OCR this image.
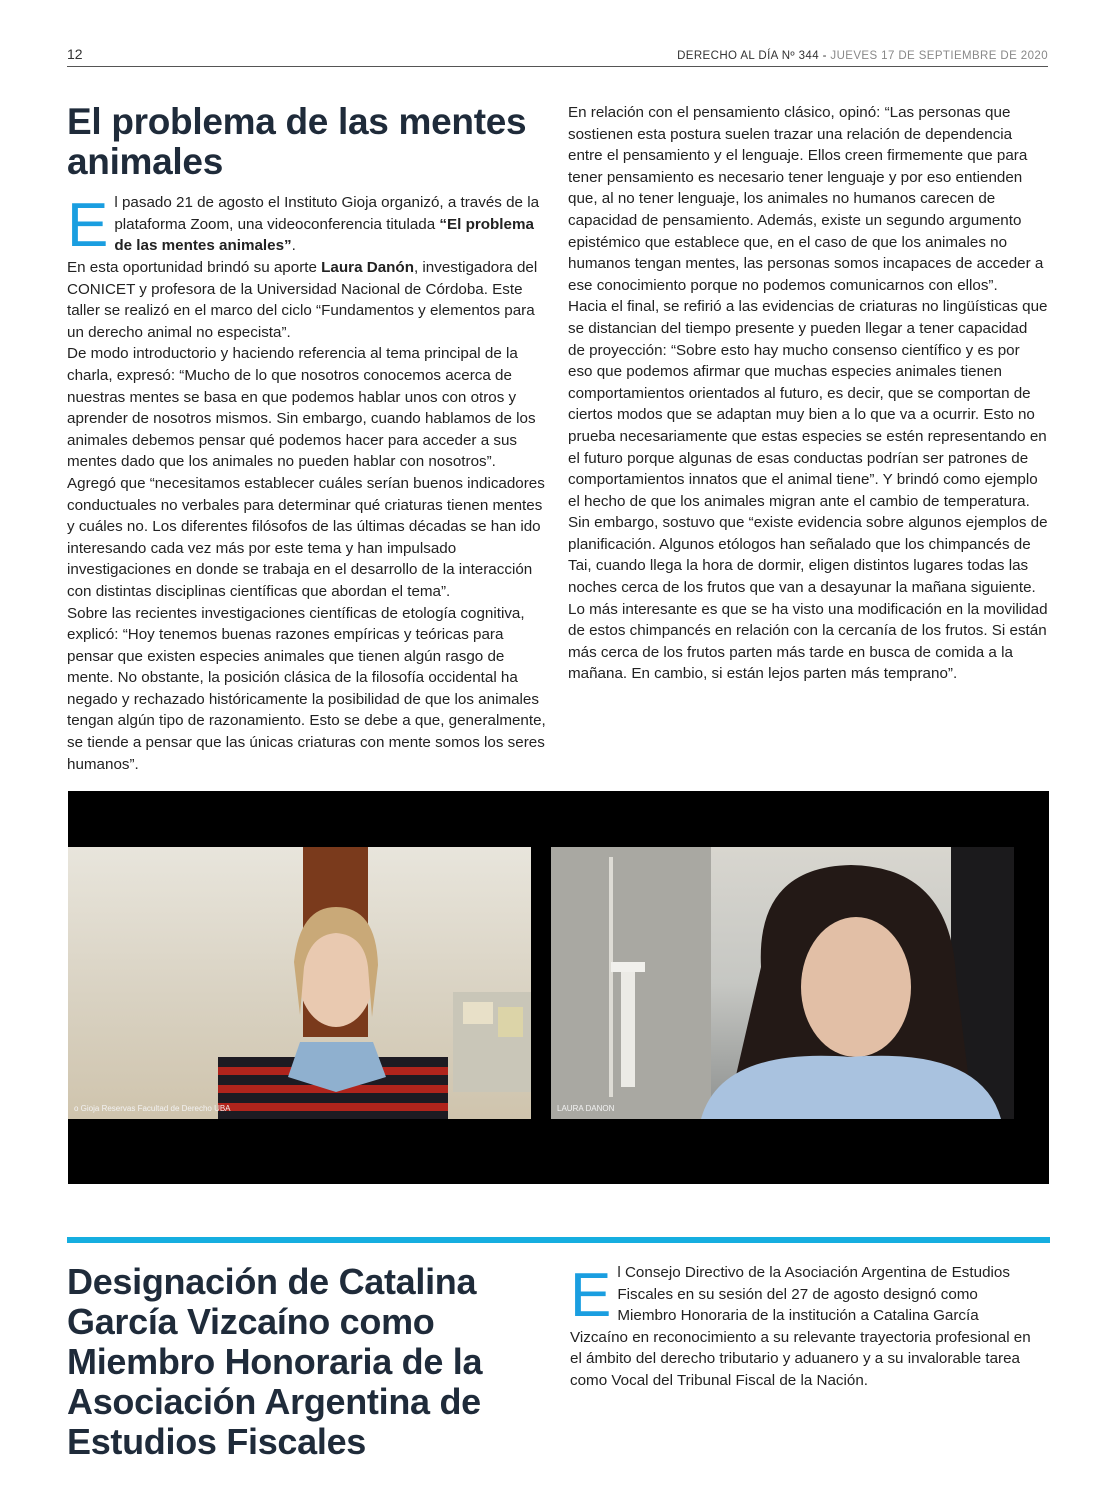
12	DERECHO AL DÍA Nº 344 - JUEVES 17 DE SEPTIEMBRE DE 2020
El problema de las mentes animales

El pasado 21 de agosto el Instituto Gioja organizó, a través de la plataforma Zoom, una videoconferencia titulada “El problema de las mentes animales”.

En esta oportunidad brindó su aporte Laura Danón, investigadora del CONICET y profesora de la Universidad Nacional de Córdoba. Este taller se realizó en el marco del ciclo “Fundamentos y elementos para un derecho animal no especista”.

De modo introductorio y haciendo referencia al tema principal de la charla, expresó: “Mucho de lo que nosotros conocemos acerca de nuestras mentes se basa en que podemos hablar unos con otros y aprender de nosotros mismos. Sin embargo, cuando hablamos de los animales debemos pensar qué podemos hacer para acceder a sus mentes dado que los animales no pueden hablar con nosotros”. Agregó que “necesitamos establecer cuáles serían buenos indicadores conductuales no verbales para determinar qué criaturas tienen mentes y cuáles no. Los diferentes filósofos de las últimas décadas se han ido interesando cada vez más por este tema y han impulsado investigaciones en donde se trabaja en el desarrollo de la interacción con distintas disciplinas científicas que abordan el tema”.

Sobre las recientes investigaciones científicas de etología cognitiva, explicó: “Hoy tenemos buenas razones empíricas y teóricas para pensar que existen especies animales que tienen algún rasgo de mente. No obstante, la posición clásica de la filosofía occidental ha negado y rechazado históricamente la posibilidad de que los animales tengan algún tipo de razonamiento. Esto se debe a que, generalmente, se tiende a pensar que las únicas criaturas con mente somos los seres humanos”.

En relación con el pensamiento clásico, opinó: “Las personas que sostienen esta postura suelen trazar una relación de dependencia entre el pensamiento y el lenguaje. Ellos creen firmemente que para tener pensamiento es necesario tener lenguaje y por eso entienden que, al no tener lenguaje, los animales no humanos carecen de capacidad de pensamiento. Además, existe un segundo argumento epistémico que establece que, en el caso de que los animales no humanos tengan mentes, las personas somos incapaces de acceder a ese conocimiento porque no podemos comunicarnos con ellos”.

Hacia el final, se refirió a las evidencias de criaturas no lingüísticas que se distancian del tiempo presente y pueden llegar a tener capacidad de proyección: “Sobre esto hay mucho consenso científico y es por eso que podemos afirmar que muchas especies animales tienen comportamientos orientados al futuro, es decir, que se comportan de ciertos modos que se adaptan muy bien a lo que va a ocurrir. Esto no prueba necesariamente que estas especies se estén representando en el futuro porque algunas de esas conductas podrían ser patrones de comportamientos innatos que el animal tiene”. Y brindó como ejemplo el hecho de que los animales migran ante el cambio de temperatura. Sin embargo, sostuvo que “existe evidencia sobre algunos ejemplos de planificación. Algunos etólogos han señalado que los chimpancés de Tai, cuando llega la hora de dormir, eligen distintos lugares todas las noches cerca de los frutos que van a desayunar la mañana siguiente. Lo más interesante es que se ha visto una modificación en la movilidad de estos chimpancés en relación con la cercanía de los frutos. Si están más cerca de los frutos parten más tarde en busca de comida a la mañana. En cambio, si están lejos parten más temprano”.

o Gioja Reservas Facultad de Derecho UBA	LAURA DANON
Designación de Catalina García Vizcaíno como Miembro Honoraria de la Asociación Argentina de Estudios Fiscales

El Consejo Directivo de la Asociación Argentina de Estudios Fiscales en su sesión del 27 de agosto designó como Miembro Honoraria de la institución a Catalina García Vizcaíno en reconocimiento a su relevante trayectoria profesional en el ámbito del derecho tributario y aduanero y a su invalorable tarea como Vocal del Tribunal Fiscal de la Nación.
